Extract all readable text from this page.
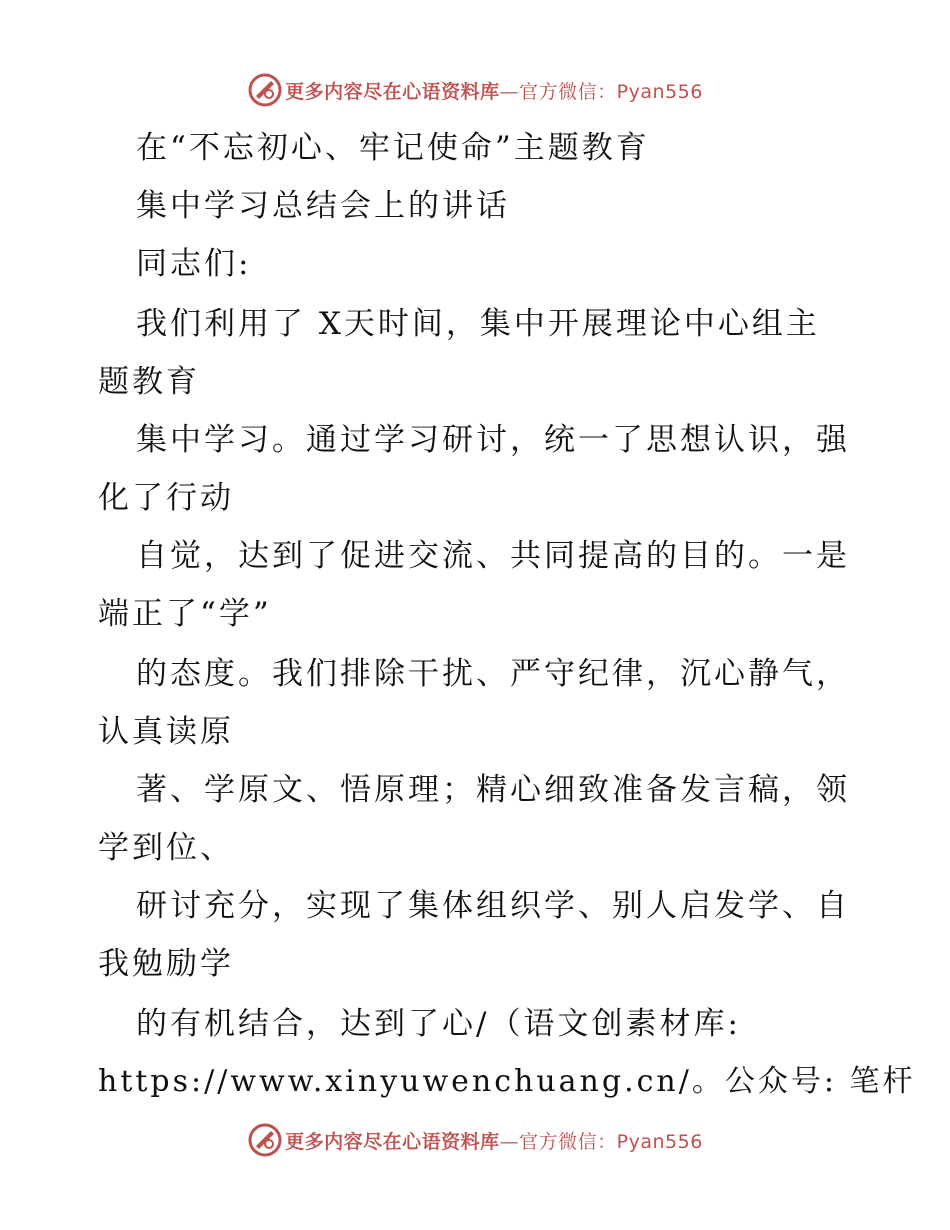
更多内容尽在心语资料库—官方微信：Pyan556
在“不忘初心、牢记使命”主题教育
集中学习总结会上的讲话
同志们:
我们利用了 X天时间，集中开展理论中心组主
题教育
集中学习。通过学习研讨，统一了思想认识，强
化了行动
自觉，达到了促进交流、共同提高的目的。一是
端正了“学”
的态度。我们排除干扰、严守纪律，沉心静气，
认真读原
著、学原文、悟原理；精心细致准备发言稿，领
学到位、
研讨充分，实现了集体组织学、别人启发学、自
我勉励学
的有机结合，达到了心/（语文创素材库:
https://www.xinyuwenchuang.cn/。公众号: 笔杆
更多内容尽在心语资料库—官方微信：Pyan556
